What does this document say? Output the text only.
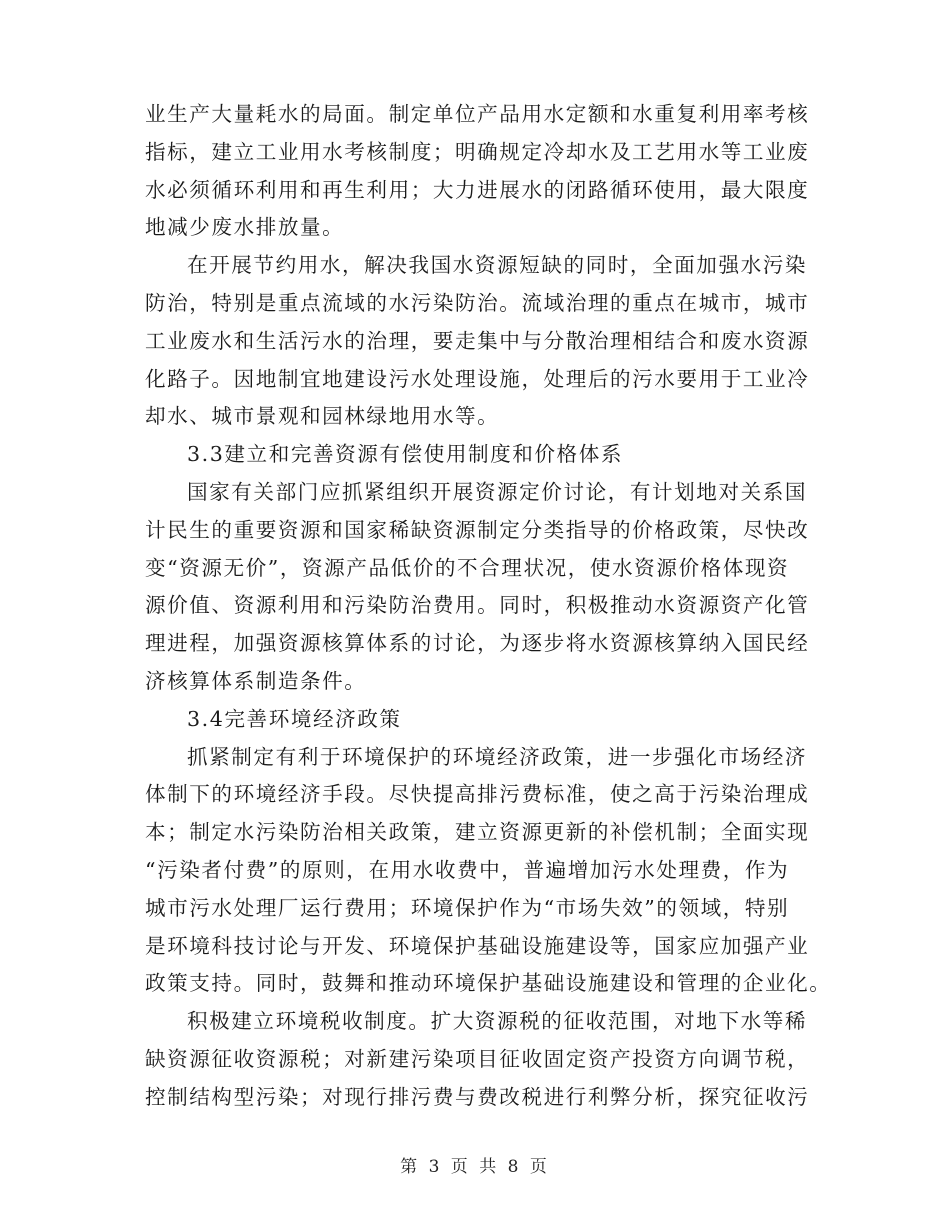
业生产大量耗水的局面。制定单位产品用水定额和水重复利用率考核
指标，建立工业用水考核制度；明确规定冷却水及工艺用水等工业废
水必须循环利用和再生利用；大力进展水的闭路循环使用，最大限度
地减少废水排放量。
在开展节约用水，解决我国水资源短缺的同时，全面加强水污染
防治，特别是重点流域的水污染防治。流域治理的重点在城市，城市
工业废水和生活污水的治理，要走集中与分散治理相结合和废水资源
化路子。因地制宜地建设污水处理设施，处理后的污水要用于工业冷
却水、城市景观和园林绿地用水等。
3.3建立和完善资源有偿使用制度和价格体系
国家有关部门应抓紧组织开展资源定价讨论，有计划地对关系国
计民生的重要资源和国家稀缺资源制定分类指导的价格政策，尽快改
变“资源无价”，资源产品低价的不合理状况，使水资源价格体现资
源价值、资源利用和污染防治费用。同时，积极推动水资源资产化管
理进程，加强资源核算体系的讨论，为逐步将水资源核算纳入国民经
济核算体系制造条件。
3.4完善环境经济政策
抓紧制定有利于环境保护的环境经济政策，进一步强化市场经济
体制下的环境经济手段。尽快提高排污费标准，使之高于污染治理成
本；制定水污染防治相关政策，建立资源更新的补偿机制；全面实现
“污染者付费”的原则，在用水收费中，普遍增加污水处理费，作为
城市污水处理厂运行费用；环境保护作为“市场失效”的领域，特别
是环境科技讨论与开发、环境保护基础设施建设等，国家应加强产业
政策支持。同时，鼓舞和推动环境保护基础设施建设和管理的企业化。
积极建立环境税收制度。扩大资源税的征收范围，对地下水等稀
缺资源征收资源税；对新建污染项目征收固定资产投资方向调节税，
控制结构型污染；对现行排污费与费改税进行利弊分析，探究征收污
第 3 页 共 8 页
